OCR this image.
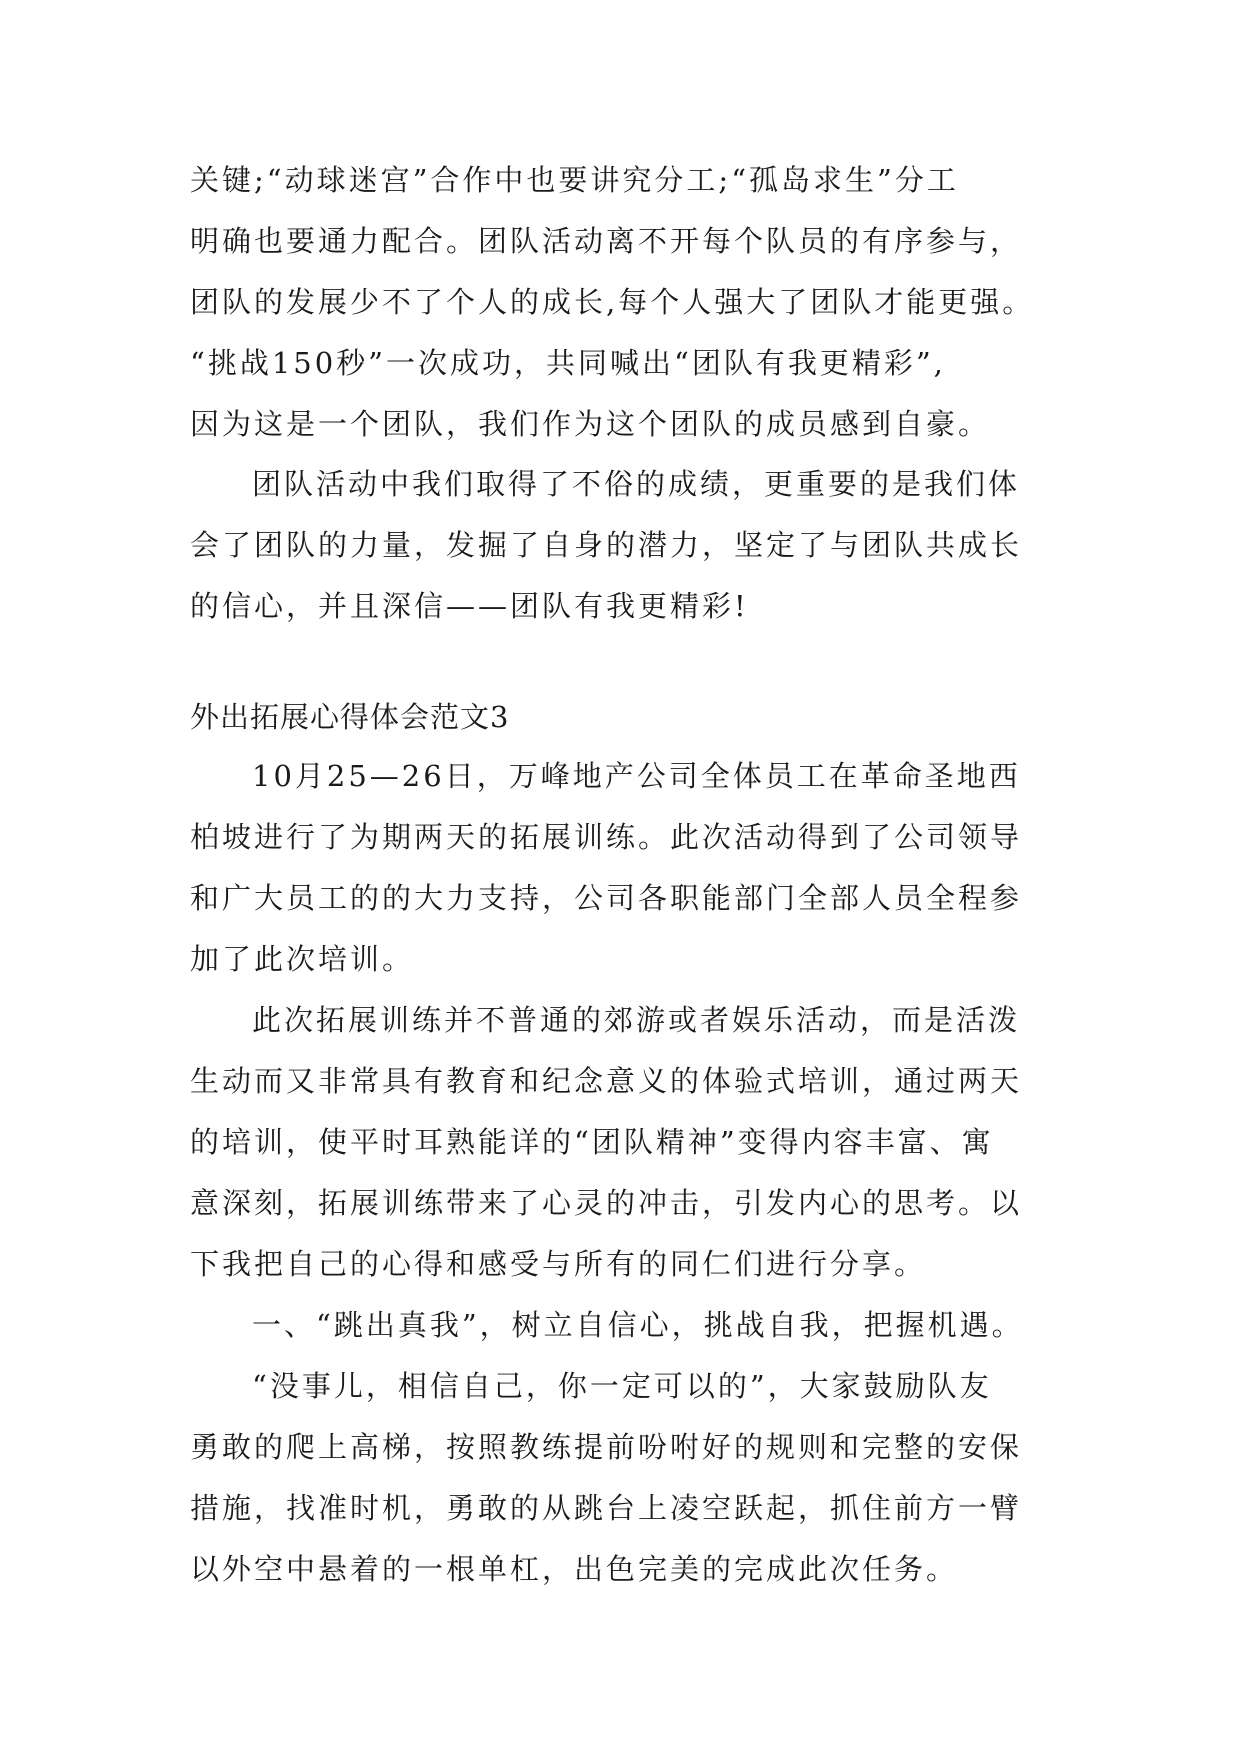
关键;“动球迷宫”合作中也要讲究分工;“孤岛求生”分工
明确也要通力配合。团队活动离不开每个队员的有序参与，
团队的发展少不了个人的成长,每个人强大了团队才能更强。
“挑战150秒”一次成功，共同喊出“团队有我更精彩”,
因为这是一个团队，我们作为这个团队的成员感到自豪。
团队活动中我们取得了不俗的成绩，更重要的是我们体
会了团队的力量，发掘了自身的潜力，坚定了与团队共成长
的信心，并且深信——团队有我更精彩!
外出拓展心得体会范文3
10月25—26日，万峰地产公司全体员工在革命圣地西
柏坡进行了为期两天的拓展训练。此次活动得到了公司领导
和广大员工的的大力支持，公司各职能部门全部人员全程参
加了此次培训。
此次拓展训练并不普通的郊游或者娱乐活动，而是活泼
生动而又非常具有教育和纪念意义的体验式培训，通过两天
的培训，使平时耳熟能详的“团队精神”变得内容丰富、寓
意深刻，拓展训练带来了心灵的冲击，引发内心的思考。以
下我把自己的心得和感受与所有的同仁们进行分享。
一、“跳出真我”，树立自信心，挑战自我，把握机遇。
“没事儿，相信自己，你一定可以的”，大家鼓励队友
勇敢的爬上高梯，按照教练提前吩咐好的规则和完整的安保
措施，找准时机，勇敢的从跳台上凌空跃起，抓住前方一臂
以外空中悬着的一根单杠，出色完美的完成此次任务。
